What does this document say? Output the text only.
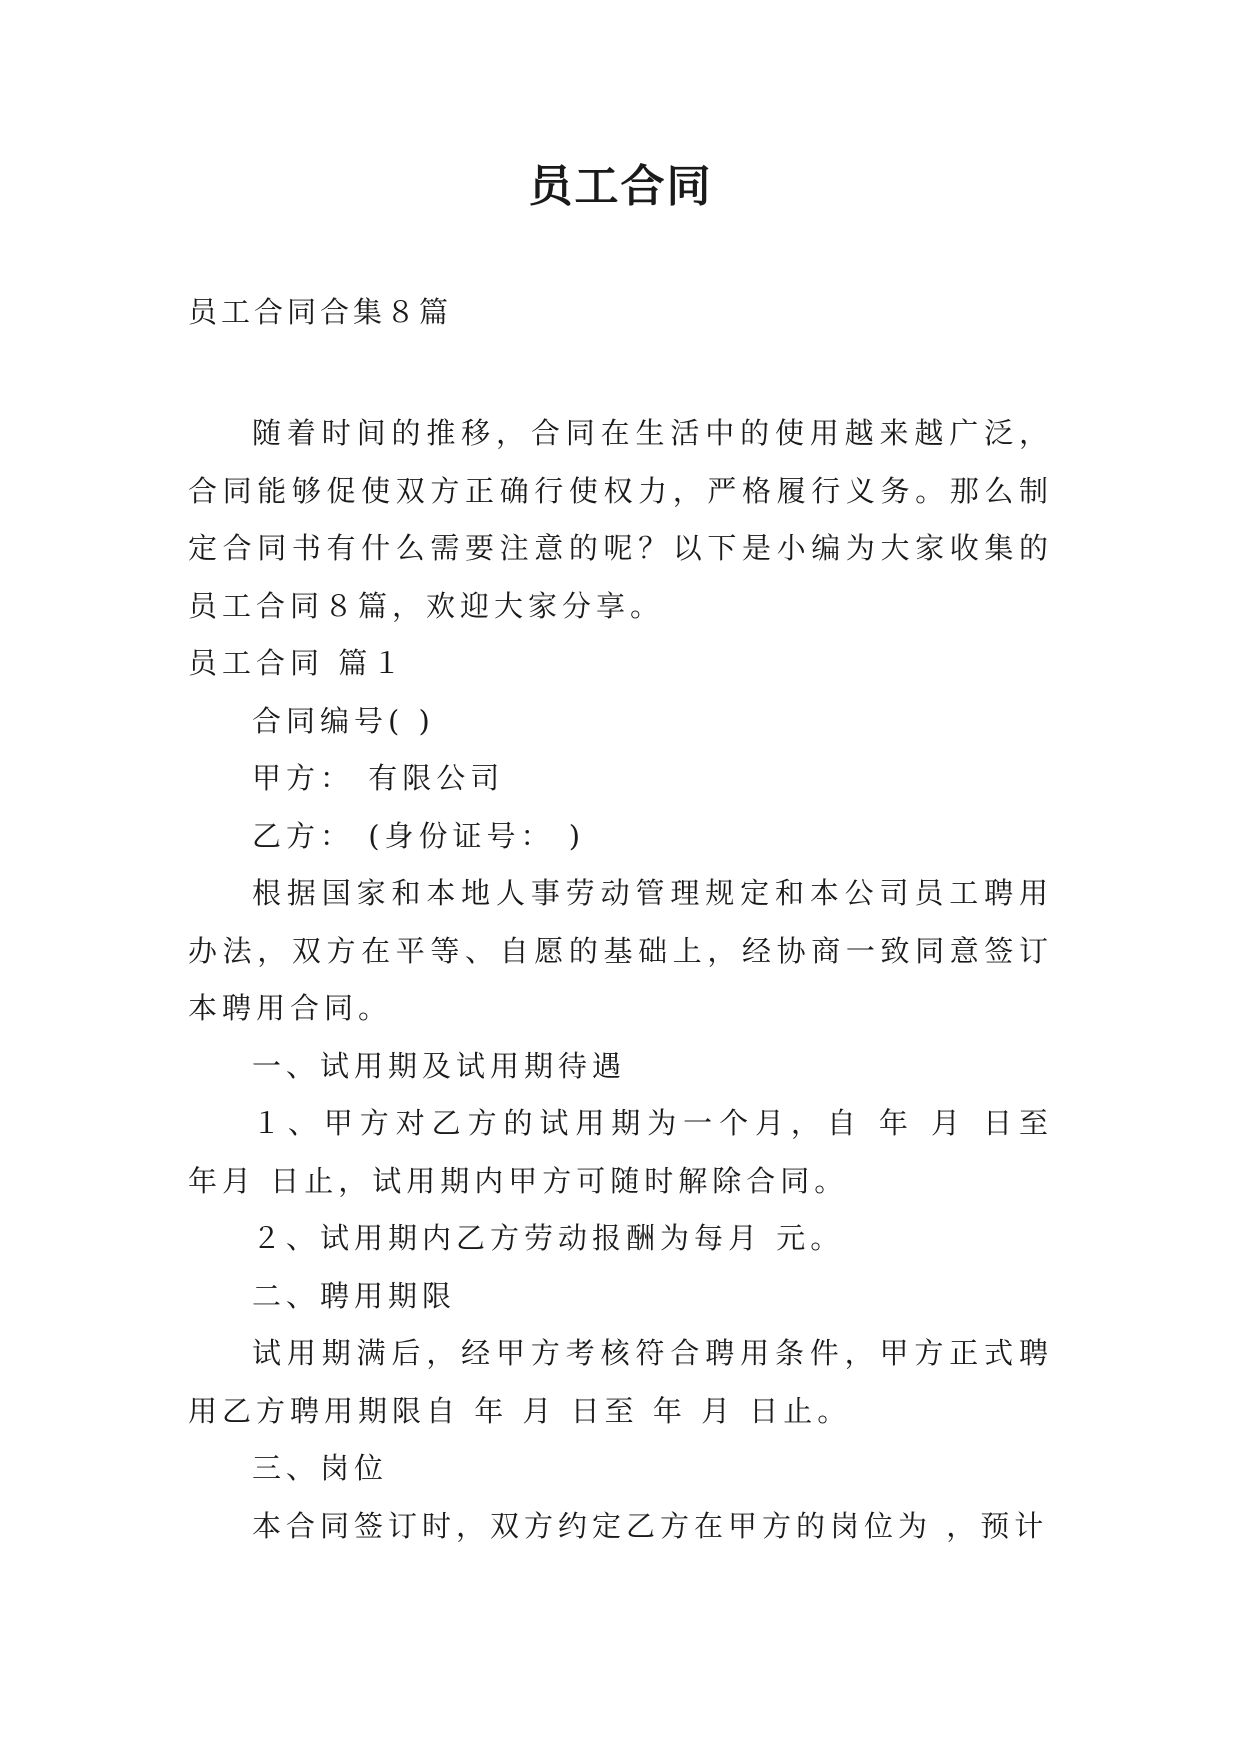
员工合同
员工合同合集８篇

随着时间的推移，合同在生活中的使用越来越广泛，合同能够促使双方正确行使权力，严格履行义务。那么制定合同书有什么需要注意的呢？以下是小编为大家收集的员工合同８篇，欢迎大家分享。

员工合同 篇１

合同编号( )

甲方： 有限公司

乙方： (身份证号： )

根据国家和本地人事劳动管理规定和本公司员工聘用办法，双方在平等、自愿的基础上，经协商一致同意签订本聘用合同。

一、试用期及试用期待遇

１、甲方对乙方的试用期为一个月，自 年 月 日至 年月 日止，试用期内甲方可随时解除合同。

２、试用期内乙方劳动报酬为每月 元。

二、聘用期限

试用期满后，经甲方考核符合聘用条件，甲方正式聘用乙方聘用期限自 年 月 日至 年 月 日止。

三、岗位

本合同签订时，双方约定乙方在甲方的岗位为 ，预计
